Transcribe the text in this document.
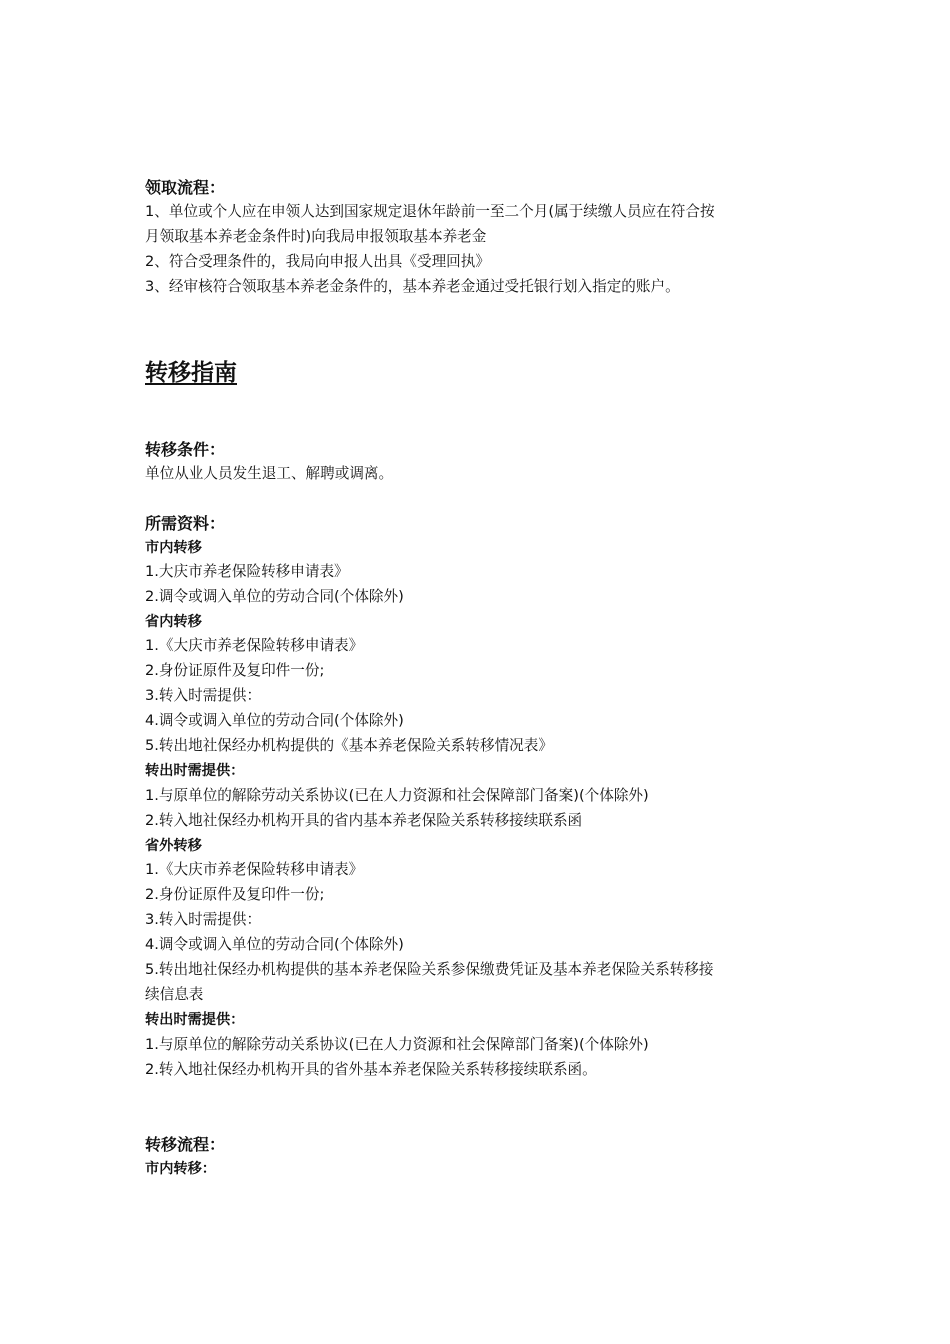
领取流程：
1、单位或个人应在申领人达到国家规定退休年龄前一至二个月(属于续缴人员应在符合按
月领取基本养老金条件时)向我局申报领取基本养老金
2、符合受理条件的，我局向申报人出具《受理回执》
3、经审核符合领取基本养老金条件的，基本养老金通过受托银行划入指定的账户。
转移指南
转移条件：
单位从业人员发生退工、解聘或调离。
所需资料：
市内转移
1.大庆市养老保险转移申请表》
2.调令或调入单位的劳动合同(个体除外)
省内转移
1.《大庆市养老保险转移申请表》
2.身份证原件及复印件一份;
3.转入时需提供：
4.调令或调入单位的劳动合同(个体除外)
5.转出地社保经办机构提供的《基本养老保险关系转移情况表》
转出时需提供：
1.与原单位的解除劳动关系协议(已在人力资源和社会保障部门备案)(个体除外)
2.转入地社保经办机构开具的省内基本养老保险关系转移接续联系函
省外转移
1.《大庆市养老保险转移申请表》
2.身份证原件及复印件一份;
3.转入时需提供：
4.调令或调入单位的劳动合同(个体除外)
5.转出地社保经办机构提供的基本养老保险关系参保缴费凭证及基本养老保险关系转移接
续信息表
转出时需提供：
1.与原单位的解除劳动关系协议(已在人力资源和社会保障部门备案)(个体除外)
2.转入地社保经办机构开具的省外基本养老保险关系转移接续联系函。
转移流程：
市内转移：
